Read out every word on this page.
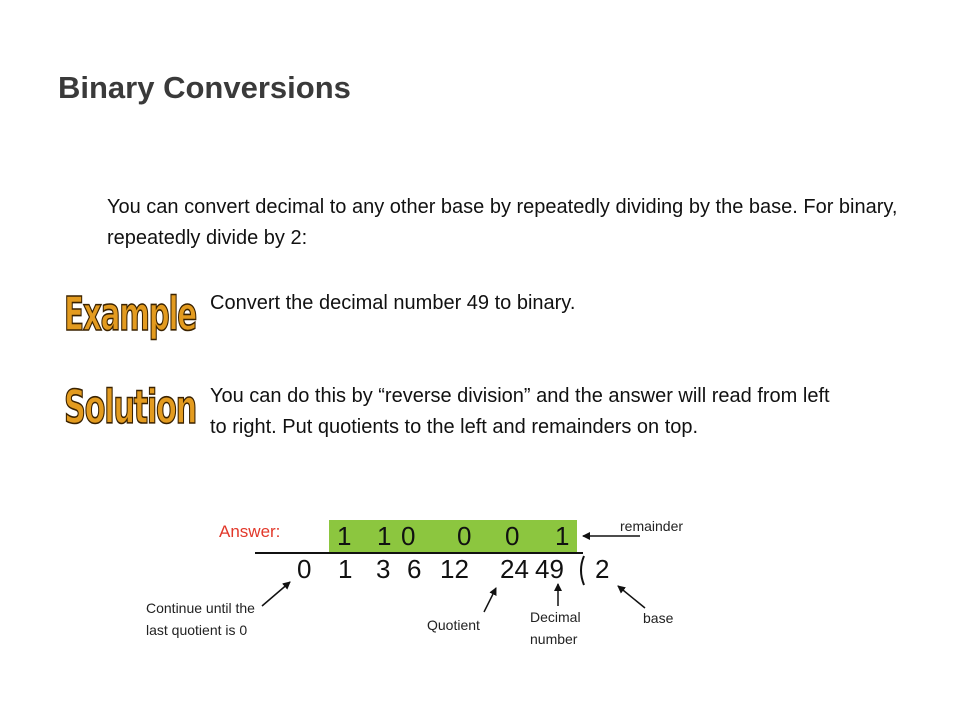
Binary Conversions
You can convert decimal to any other base by repeatedly dividing by the base. For binary, repeatedly divide by 2:
Example Convert the decimal number 49 to binary.
Solution You can do this by “reverse division” and the answer will read from left to right. Put quotients to the left and remainders on top.
Answer: 1 1 0 0 0 1
0 1 3 6 12 24 49 2
remainder
Continue until the
last quotient is 0	Quotient	Decimal
number
base
